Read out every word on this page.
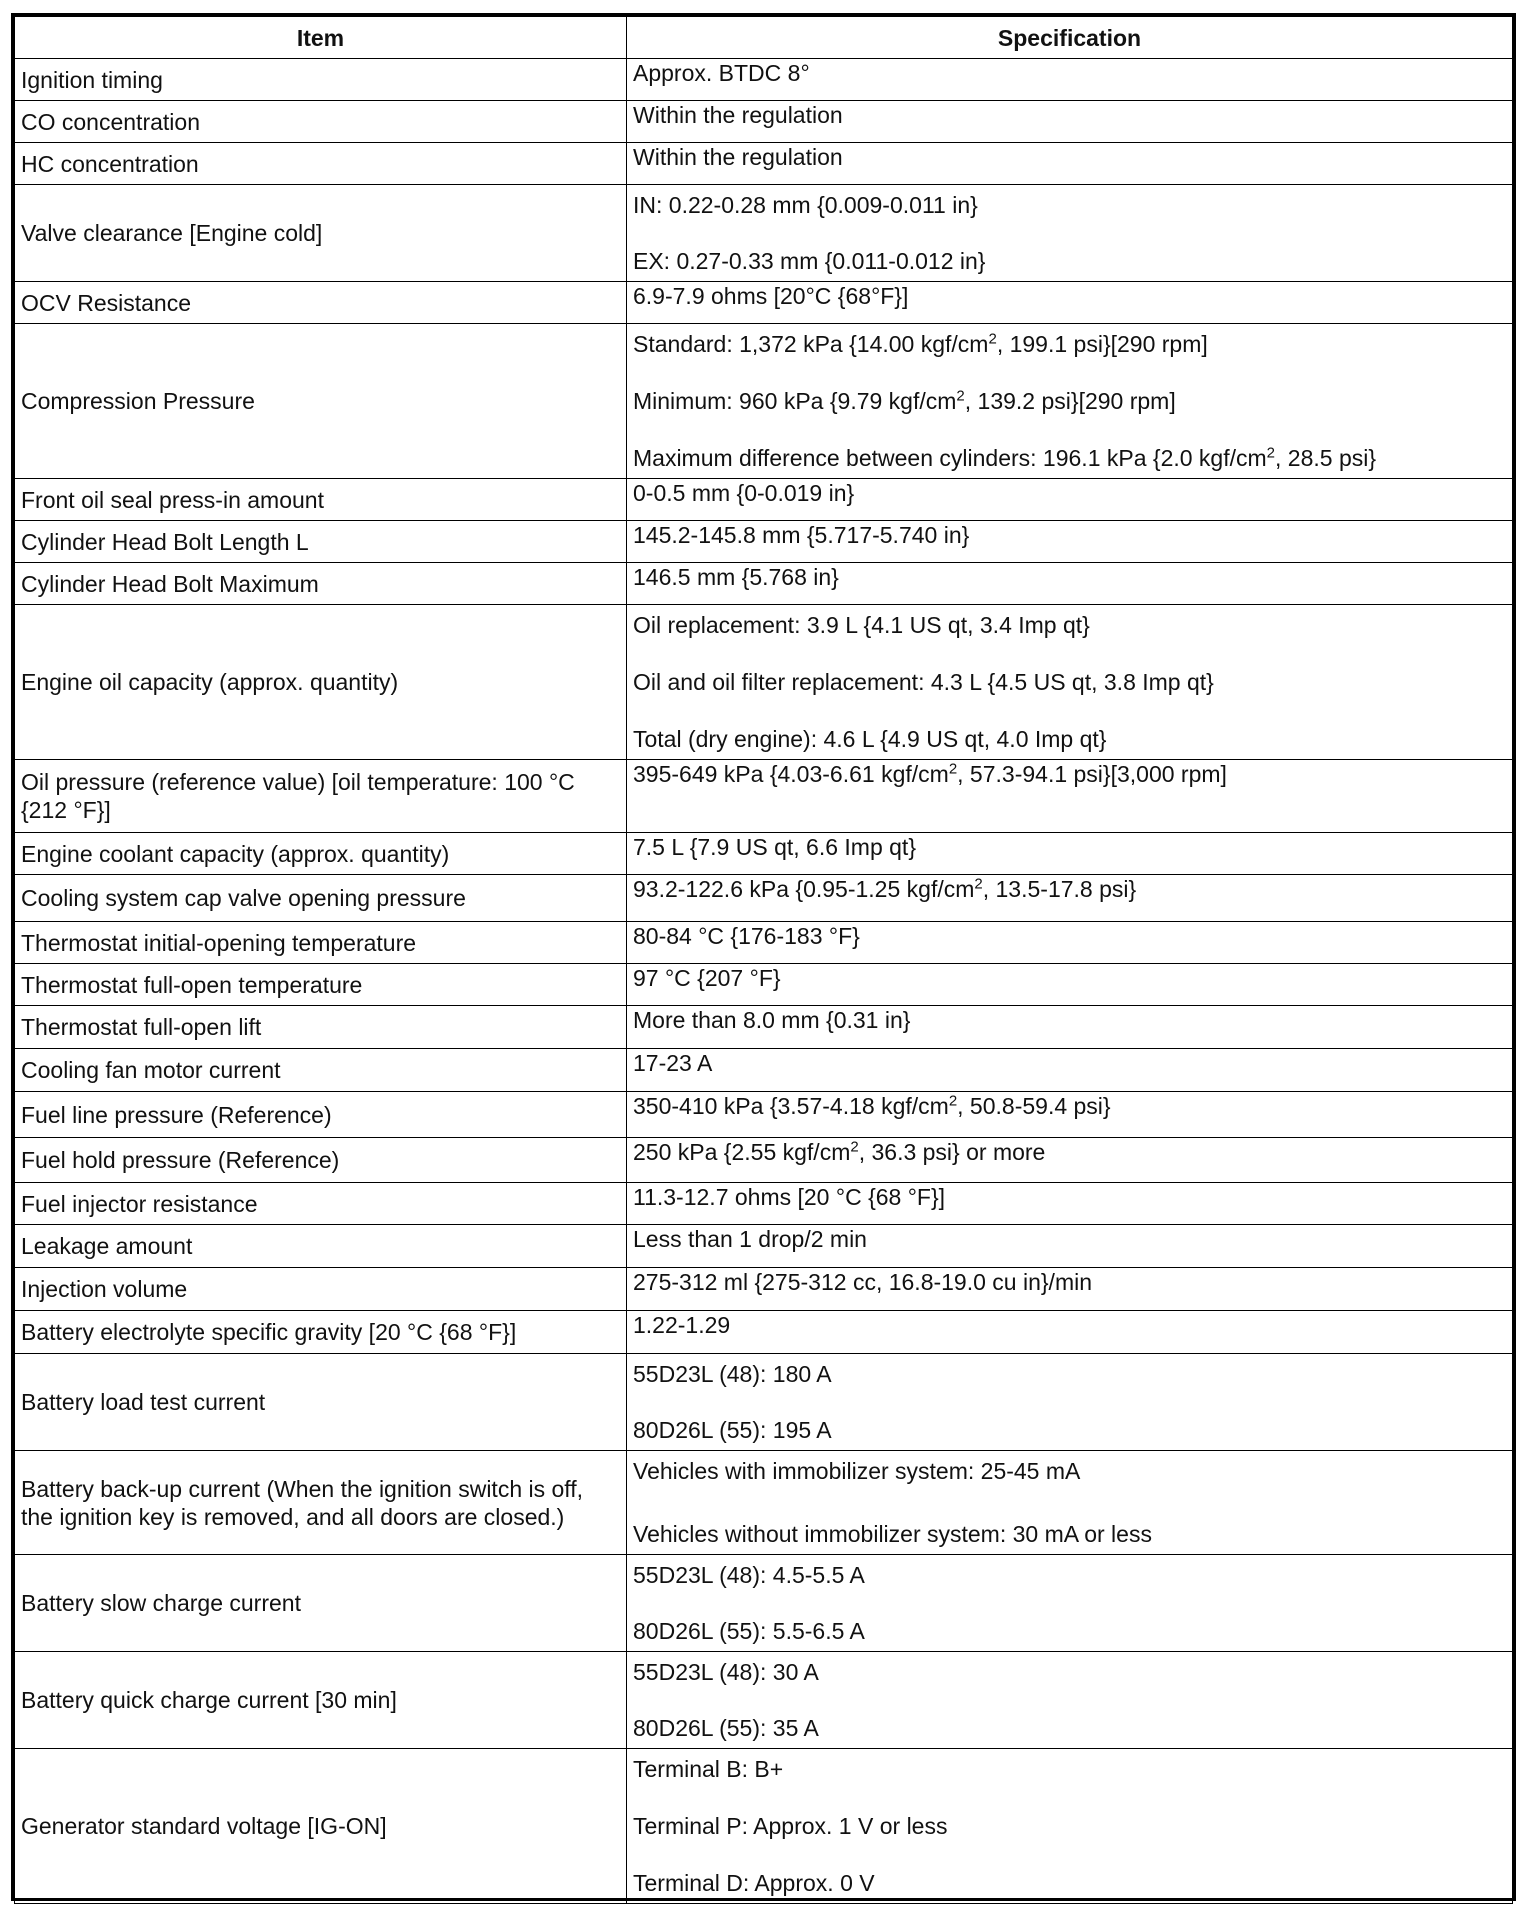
Item	Specification
Ignition timing	Approx. BTDC 8°

CO concentration	Within the regulation

HC concentration	Within the regulation

Valve clearance [Engine cold]	IN: 0.22-0.28 mm {0.009-0.011 in}
EX: 0.27-0.33 mm {0.011-0.012 in}

OCV Resistance	6.9-7.9 ohms [20°C {68°F}]

Compression Pressure	Standard: 1,372 kPa {14.00 kgf/$cm^2$, 199.1 psi}[290 rpm]
Minimum: 960 kPa {9.79 kgf/$cm^2$, 139.2 psi}[290 rpm]
Maximum difference between cylinders: 196.1 kPa {2.0 kgf/$cm^2$, 28.5 psi}

Front oil seal press-in amount	0-0.5 mm {0-0.019 in}

Cylinder Head Bolt Length L	145.2-145.8 mm {5.717-5.740 in}

Cylinder Head Bolt Maximum	146.5 mm {5.768 in}

Engine oil capacity (approx. quantity)	Oil replacement: 3.9 L {4.1 US qt, 3.4 Imp qt}
Oil and oil filter replacement: 4.3 L {4.5 US qt, 3.8 Imp qt}
Total (dry engine): 4.6 L {4.9 US qt, 4.0 Imp qt}

Oil pressure (reference value) [oil temperature: 100 °C {212 °F}]	395-649 kPa {4.03-6.61 kgf/$cm^2$, 57.3-94.1 psi}[3,000 rpm]

Engine coolant capacity (approx. quantity)	7.5 L {7.9 US qt, 6.6 Imp qt}

Cooling system cap valve opening pressure	93.2-122.6 kPa {0.95-1.25 kgf/$cm^2$, 13.5-17.8 psi}

Thermostat initial-opening temperature	80-84 °C {176-183 °F}

Thermostat full-open temperature	97 °C {207 °F}

Thermostat full-open lift	More than 8.0 mm {0.31 in}

Cooling fan motor current	17-23 A

Fuel line pressure (Reference)	350-410 kPa {3.57-4.18 kgf/$cm^2$, 50.8-59.4 psi}

Fuel hold pressure (Reference)	250 kPa {2.55 kgf/$cm^2$, 36.3 psi} or more

Fuel injector resistance	11.3-12.7 ohms [20 °C {68 °F}]

Leakage amount	Less than 1 drop/2 min

Injection volume	275-312 ml {275-312 cc, 16.8-19.0 cu in}/min

Battery electrolyte specific gravity [20 °C {68 °F}]	1.22-1.29

Battery load test current	55D23L (48): 180 A
80D26L (55): 195 A

Battery back-up current (When the ignition switch is off, the ignition key is removed, and all doors are closed.)	Vehicles with immobilizer system: 25-45 mA
Vehicles without immobilizer system: 30 mA or less

Battery slow charge current	55D23L (48): 4.5-5.5 A
80D26L (55): 5.5-6.5 A

Battery quick charge current [30 min]	55D23L (48): 30 A
80D26L (55): 35 A

Generator standard voltage [IG-ON]	Terminal B: B+
Terminal P: Approx. 1 V or less
Terminal D: Approx. 0 V
